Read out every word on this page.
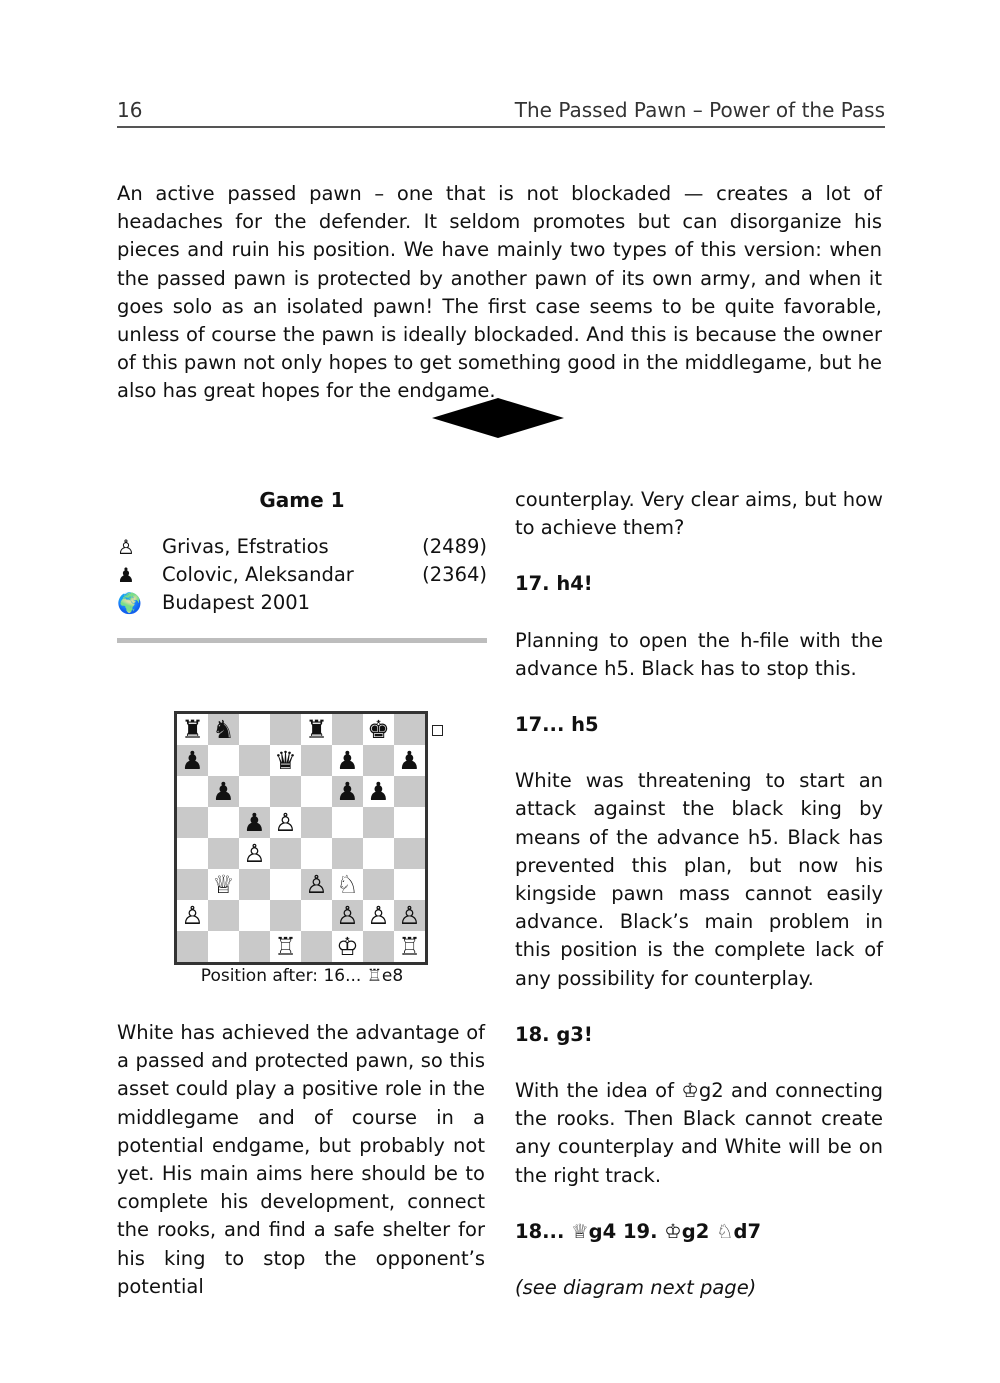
16	The Passed Pawn – Power of the Pass

An active passed pawn – one that is not blockaded — creates a lot of headaches for the defender. It seldom promotes but can disorganize his pieces and ruin his position. We have mainly two types of this version: when the passed pawn is protected by another pawn of its own army, and when it goes solo as an isolated pawn! The first case seems to be quite favorable, unless of course the pawn is ideally blockaded. And this is because the owner of this pawn not only hopes to get something good in the middlegame, but he also has great hopes for the endgame.

Game 1
♙	Grivas, Efstratios	(2489)
♟	Colovic, Aleksandar	(2364)
🌍	Budapest 2001
♜ ♞	♜ ♚
♟	♛ ♟ ♟
♟	♟ ♟
♟ ♙
♙
♕	♙ ♘
♙	♙ ♙ ♙
♖ ♔ ♖
Position after: 16... ♖e8

White has achieved the advantage of a passed and protected pawn, so this asset could play a positive role in the middlegame and of course in a potential endgame, but probably not yet. His main aims here should be to complete his development, connect the rooks, and find a safe shelter for his king to stop the opponent’s potential

counterplay. Very clear aims, but how to achieve them?

17. h4!

Planning to open the h-file with the advance h5. Black has to stop this.

17... h5

White was threatening to start an attack against the black king by means of the advance h5. Black has prevented this plan, but now his kingside pawn mass cannot easily advance. Black’s main problem in this position is the complete lack of any possibility for counterplay.

18. g3!

With the idea of ♔g2 and connecting the rooks. Then Black cannot create any counterplay and White will be on the right track.

18... ♕g4 19. ♔g2 ♘d7

(see diagram next page)
